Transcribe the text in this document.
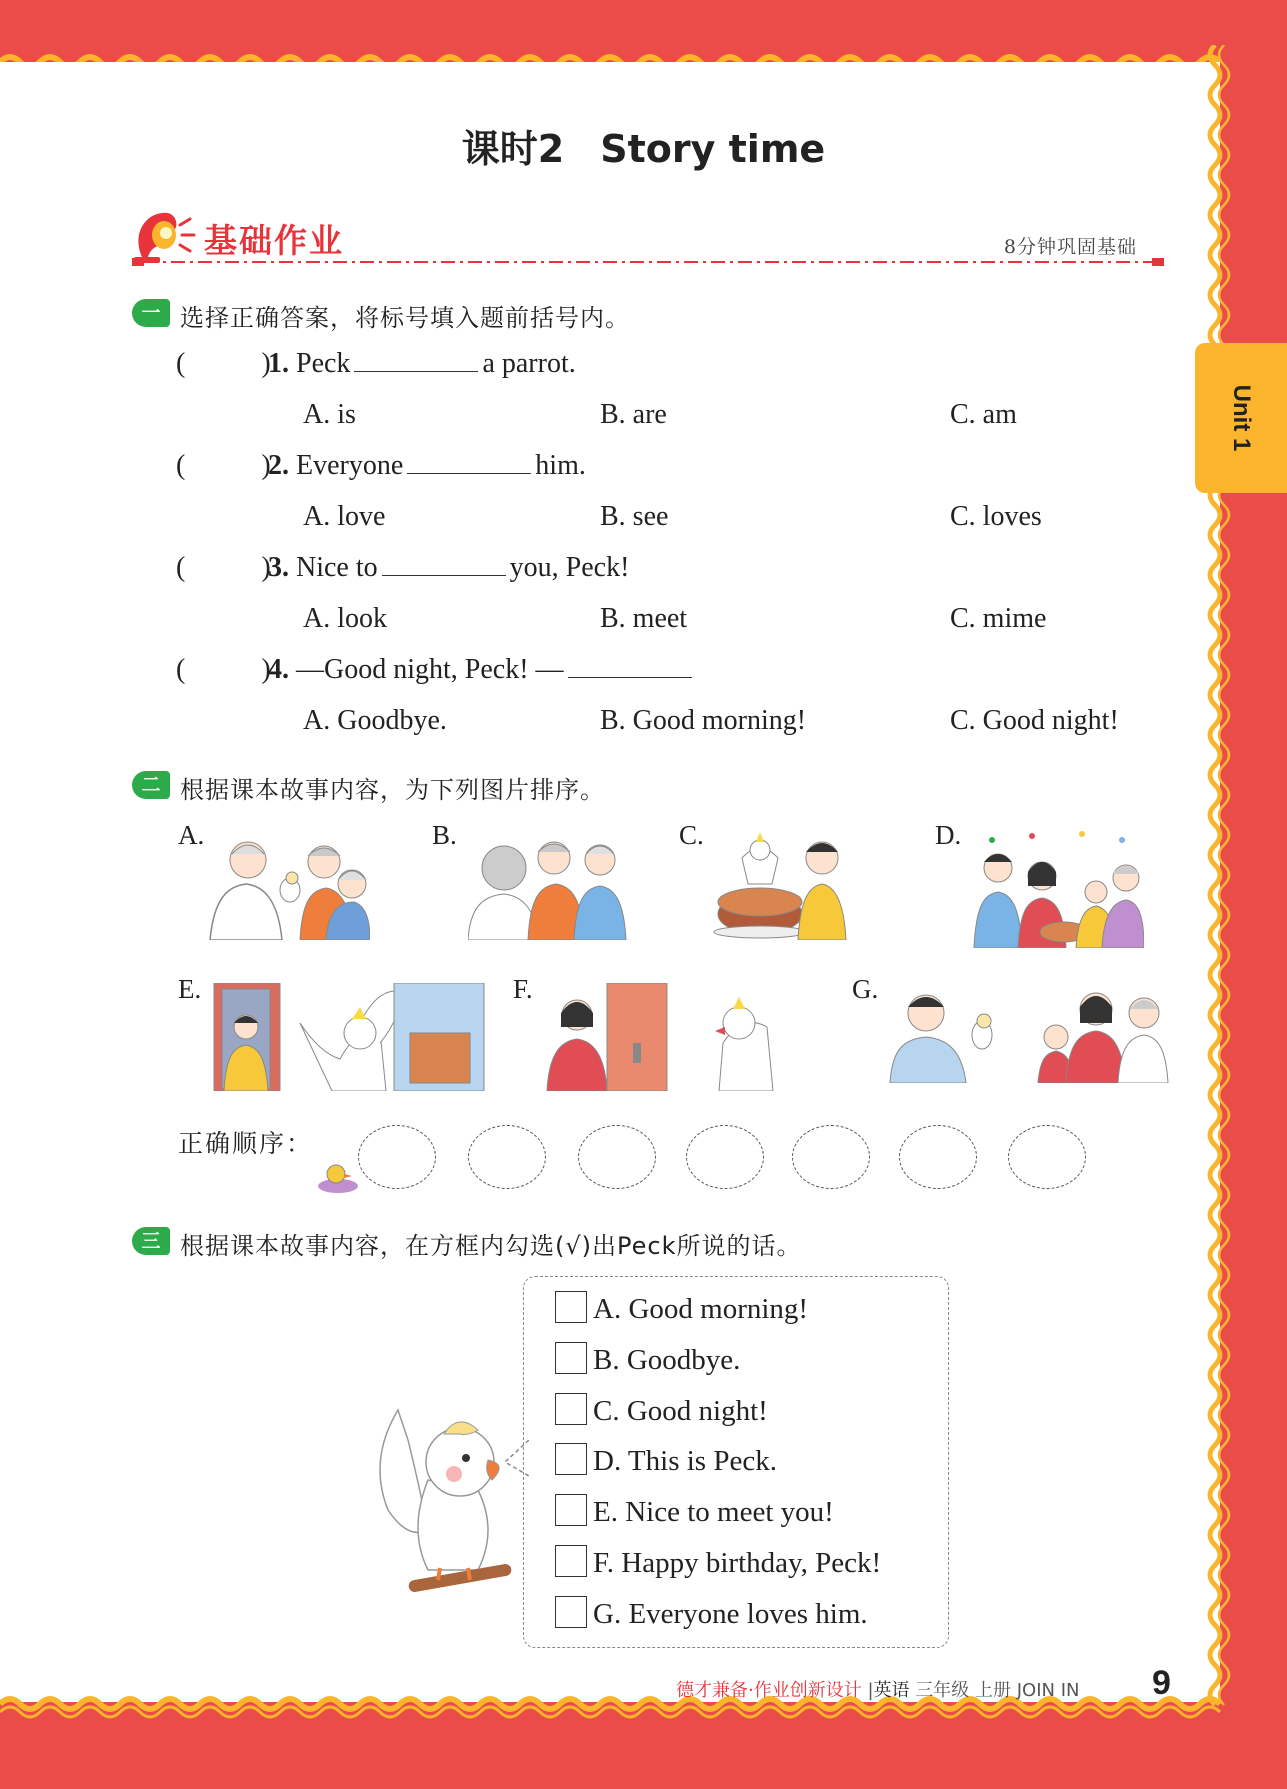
Unit 1
课时2 Story time
基础作业	8分钟巩固基础
一 选择正确答案，将标号填入题前括号内。
(	)1. Peck	a parrot.
A. is	B. are	C. am
(	)2. Everyone	him.
A. love	B. see	C. loves
(	)3. Nice to	you, Peck!
A. look	B. meet	C. mime
(	)4. —Good night, Peck! —
A. Goodbye.	B. Good morning!	C. Good night!
二 根据课本故事内容，为下列图片排序。
A.	B.	C.	D.
E.	F.	G.
正确顺序：
三 根据课本故事内容，在方框内勾选(√)出Peck所说的话。
A. Good morning!
B. Goodbye.
C. Good night!
D. This is Peck.
E. Nice to meet you!
F. Happy birthday, Peck!
G. Everyone loves him.
德才兼备·作业创新设计 |英语 三年级 上册 JOIN IN 9
